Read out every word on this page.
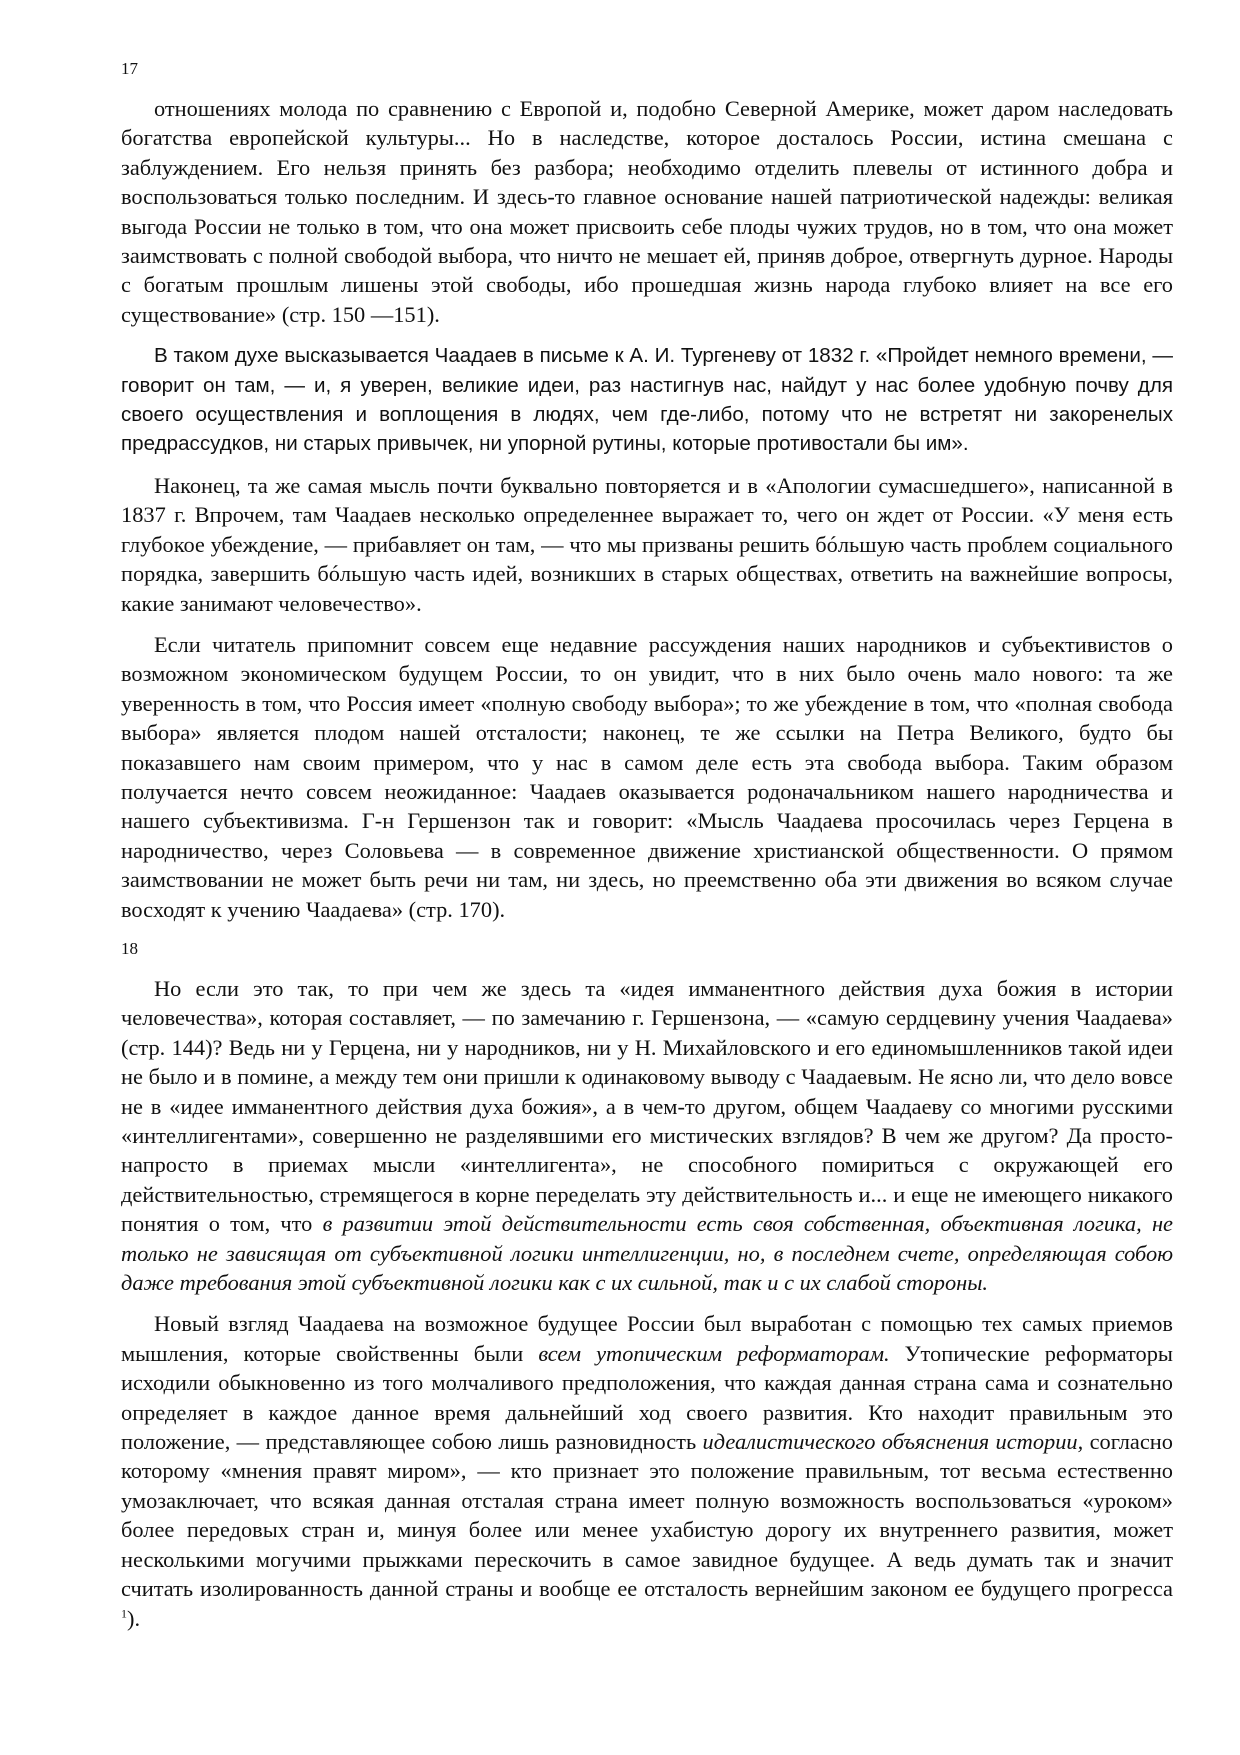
17

отношениях молода по сравнению с Европой и, подобно Северной Америке, может даром наследовать богатства европейской культуры... Но в наследстве, которое досталось России, истина смешана с заблуждением. Его нельзя принять без разбора; необходимо отделить плевелы от истинного добра и воспользоваться только последним. И здесь-то главное основание нашей патриотической надежды: великая выгода России не только в том, что она может присвоить себе плоды чужих трудов, но в том, что она может заимствовать с полной свободой выбора, что ничто не мешает ей, приняв доброе, отвергнуть дурное. Народы с богатым прошлым лишены этой свободы, ибо прошедшая жизнь народа глубоко влияет на все его существование» (стр. 150 —151).

В таком духе высказывается Чаадаев в письме к А. И. Тургеневу от 1832 г. «Пройдет немного времени, — говорит он там, — и, я уверен, великие идеи, раз настигнув нас, найдут у нас более удобную почву для своего осуществления и воплощения в людях, чем где-либо, потому что не встретят ни закоренелых предрассудков, ни старых привычек, ни упорной рутины, которые противостали бы им».

Наконец, та же самая мысль почти буквально повторяется и в «Апологии сумасшедшего», написанной в 1837 г. Впрочем, там Чаадаев несколько определеннее выражает то, чего он ждет от России. «У меня есть глубокое убеждение, — прибавляет он там, — что мы призваны решить бóльшую часть проблем социального порядка, завершить бóльшую часть идей, возникших в старых обществах, ответить на важнейшие вопросы, какие занимают человечество».

Если читатель припомнит совсем еще недавние рассуждения наших народников и субъективистов о возможном экономическом будущем России, то он увидит, что в них было очень мало нового: та же уверенность в том, что Россия имеет «полную свободу выбора»; то же убеждение в том, что «полная свобода выбора» является плодом нашей отсталости; наконец, те же ссылки на Петра Великого, будто бы показавшего нам своим примером, что у нас в самом деле есть эта свобода выбора. Таким образом получается нечто совсем неожиданное: Чаадаев оказывается родоначальником нашего народничества и нашего субъективизма. Г-н Гершензон так и говорит: «Мысль Чаадаева просочилась через Герцена в народничество, через Соловьева — в современное движение христианской общественности. О прямом заимствовании не может быть речи ни там, ни здесь, но преемственно оба эти движения во всяком случае восходят к учению Чаадаева» (стр. 170).

18

Но если это так, то при чем же здесь та «идея имманентного действия духа божия в истории человечества», которая составляет, — по замечанию г. Гершензона, — «самую сердцевину учения Чаадаева» (стр. 144)? Ведь ни у Герцена, ни у народников, ни у Н. Михайловского и его единомышленников такой идеи не было и в помине, а между тем они пришли к одинаковому выводу с Чаадаевым. Не ясно ли, что дело вовсе не в «идее имманентного действия духа божия», а в чем-то другом, общем Чаадаеву со многими русскими «интеллигентами», совершенно не разделявшими его мистических взглядов? В чем же другом? Да просто-напросто в приемах мысли «интеллигента», не способного помириться с окружающей его действительностью, стремящегося в корне переделать эту действительность и... и еще не имеющего никакого понятия о том, что в развитии этой действительности есть своя собственная, объективная логика, не только не зависящая от субъективной логики интеллигенции, но, в последнем счете, определяющая собою даже требования этой субъективной логики как с их сильной, так и с их слабой стороны.

Новый взгляд Чаадаева на возможное будущее России был выработан с помощью тех самых приемов мышления, которые свойственны были всем утопическим реформаторам. Утопические реформаторы исходили обыкновенно из того молчаливого предположения, что каждая данная страна сама и сознательно определяет в каждое данное время дальнейший ход своего развития. Кто находит правильным это положение, — представляющее собою лишь разновидность идеалистического объяснения истории, согласно которому «мнения правят миром», — кто признает это положение правильным, тот весьма естественно умозаключает, что всякая данная отсталая страна имеет полную возможность воспользоваться «уроком» более передовых стран и, минуя более или менее ухабистую дорогу их внутреннего развития, может несколькими могучими прыжками перескочить в самое завидное будущее. А ведь думать так и значит считать изолированность данной страны и вообще ее отсталость вернейшим законом ее будущего прогресса $^1$).
